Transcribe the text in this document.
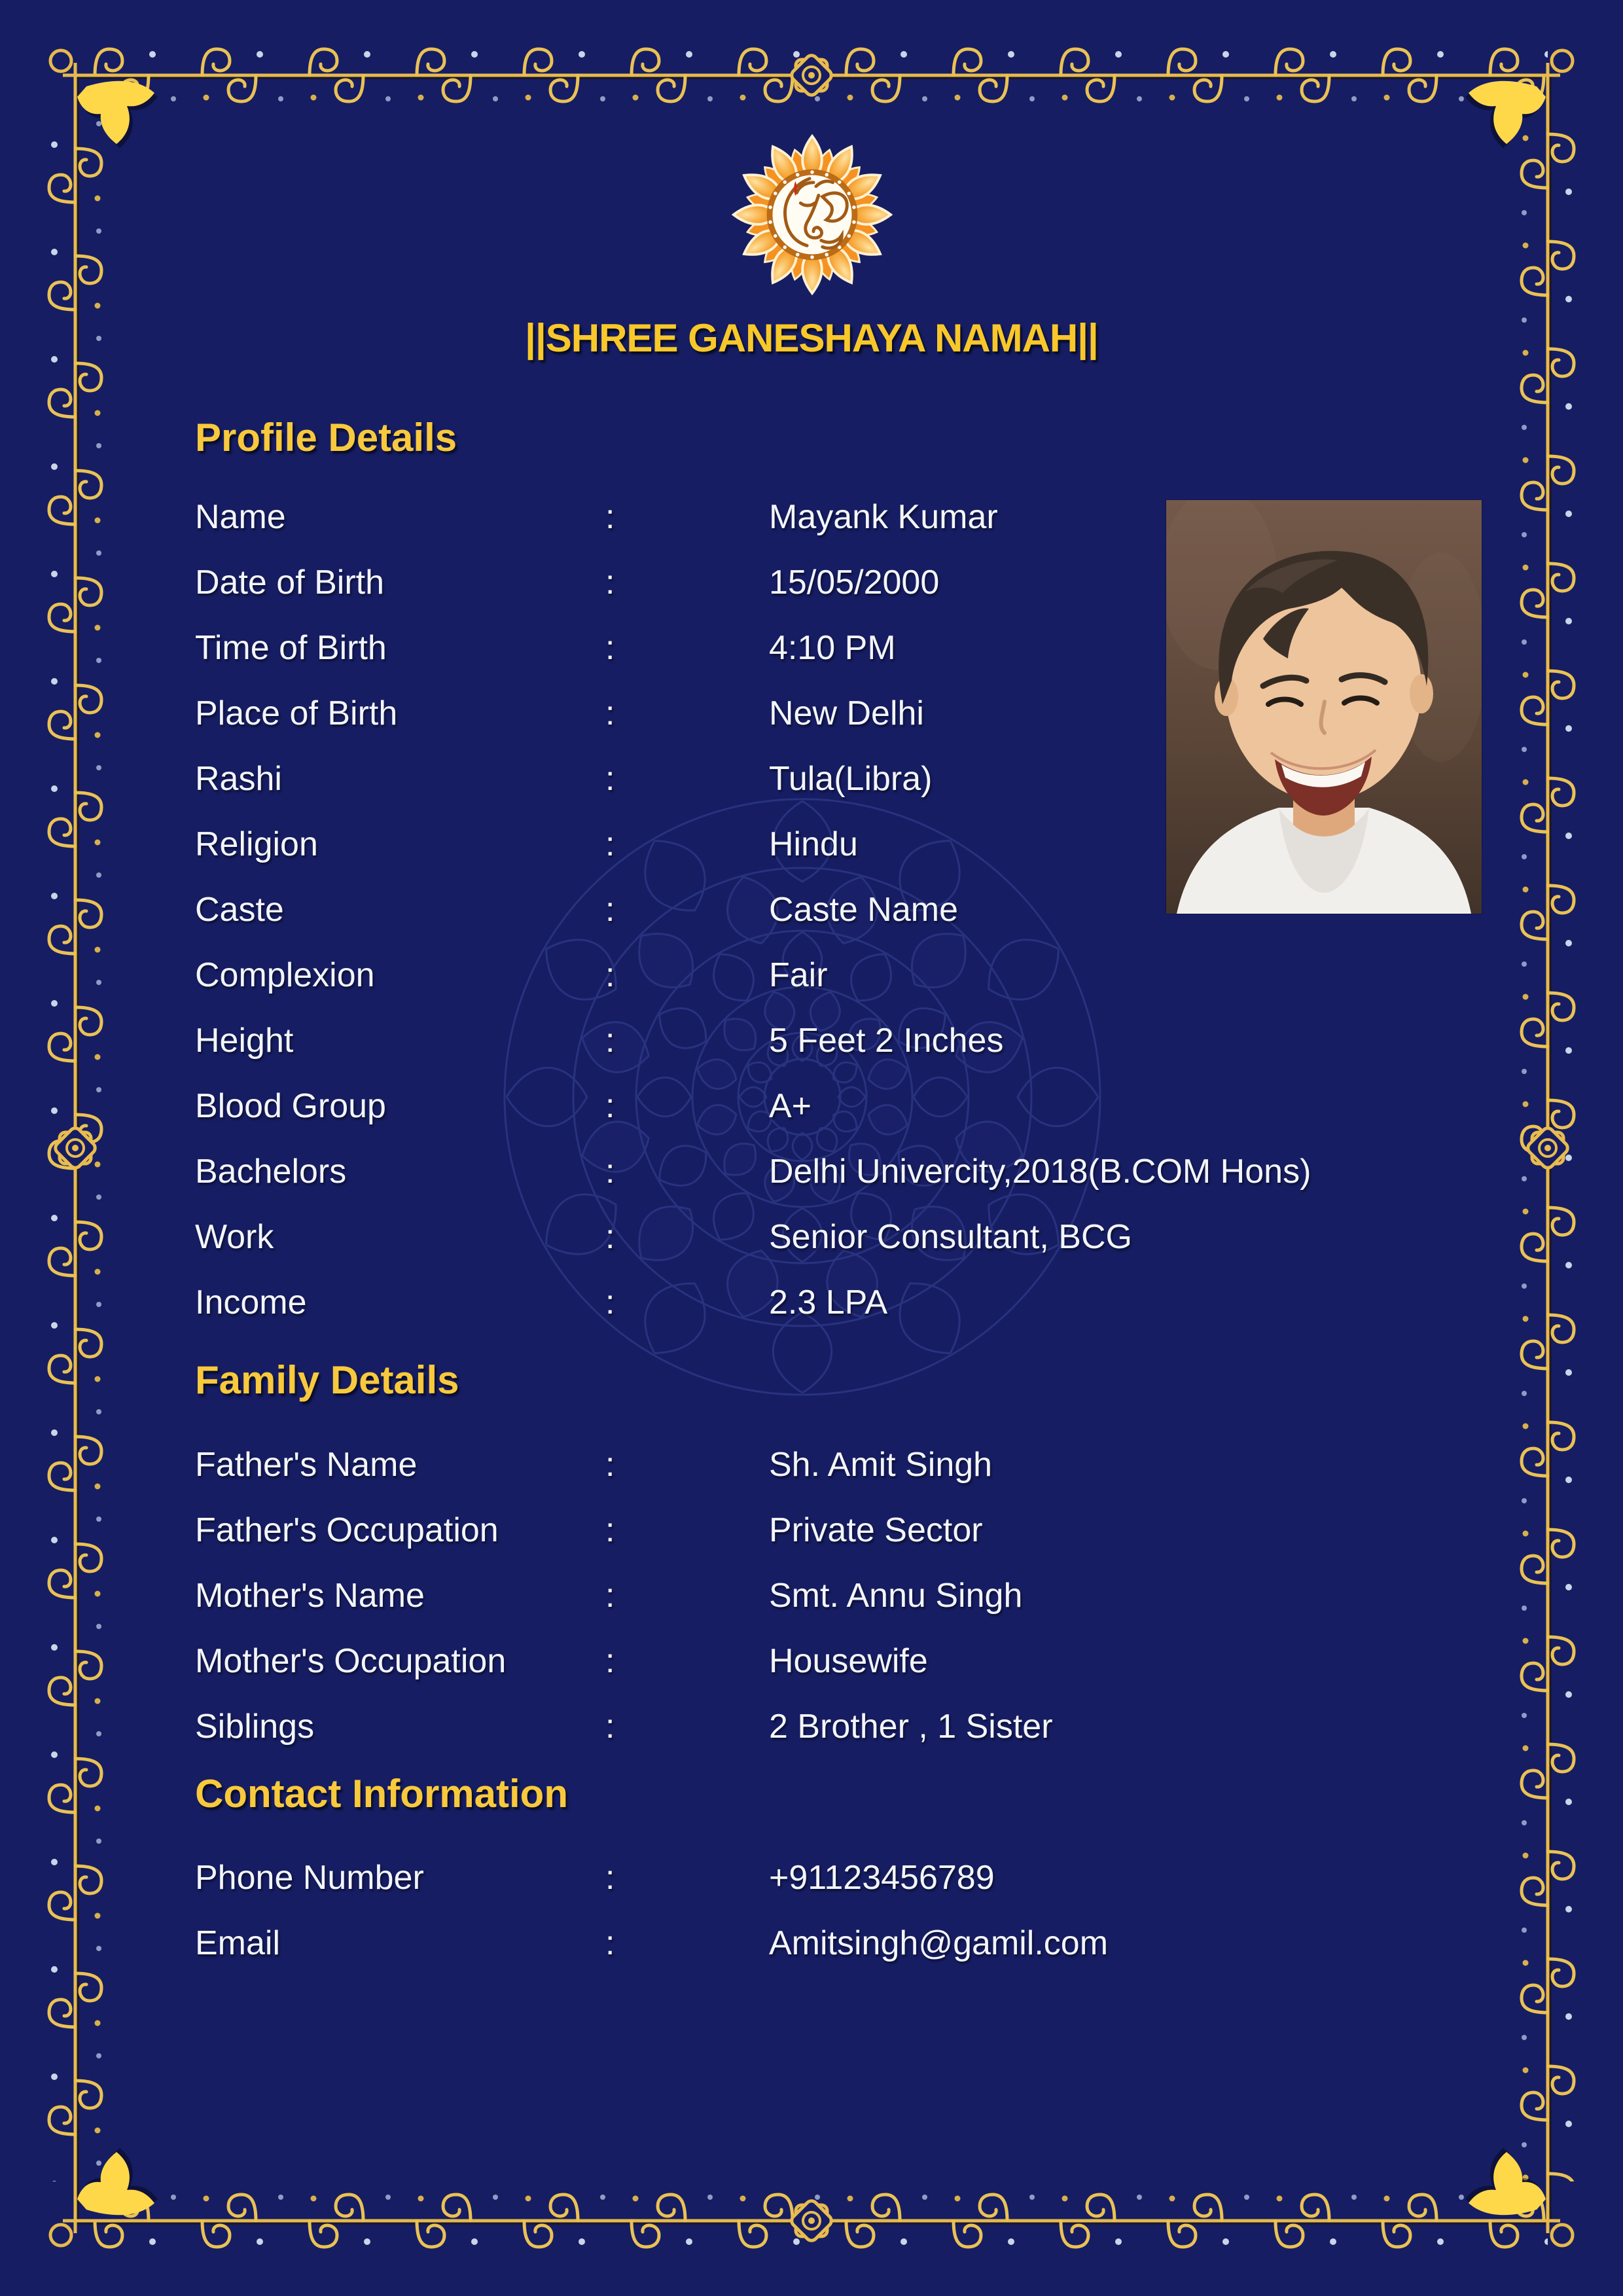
||SHREE GANESHAYA NAMAH||
Profile Details
Family Details
Contact Information
Name	:	Mayank Kumar
Date of Birth	:	15/05/2000
Time of Birth	:	4:10 PM
Place of Birth	:	New Delhi
Rashi	:	Tula(Libra)
Religion	:	Hindu
Caste	:	Caste Name
Complexion	:	Fair
Height	:	5 Feet 2 Inches
Blood Group	:	A+
Bachelors	:	Delhi Univercity,2018(B.COM Hons)
Work	:	Senior Consultant, BCG
Income	:	2.3 LPA
Father's Name	:	Sh. Amit Singh
Father's Occupation	:	Private Sector
Mother's Name	:	Smt. Annu Singh
Mother's Occupation	:	Housewife
Siblings	:	2 Brother , 1 Sister
Phone Number	:	+91123456789
Email	:	Amitsingh@gamil.com
